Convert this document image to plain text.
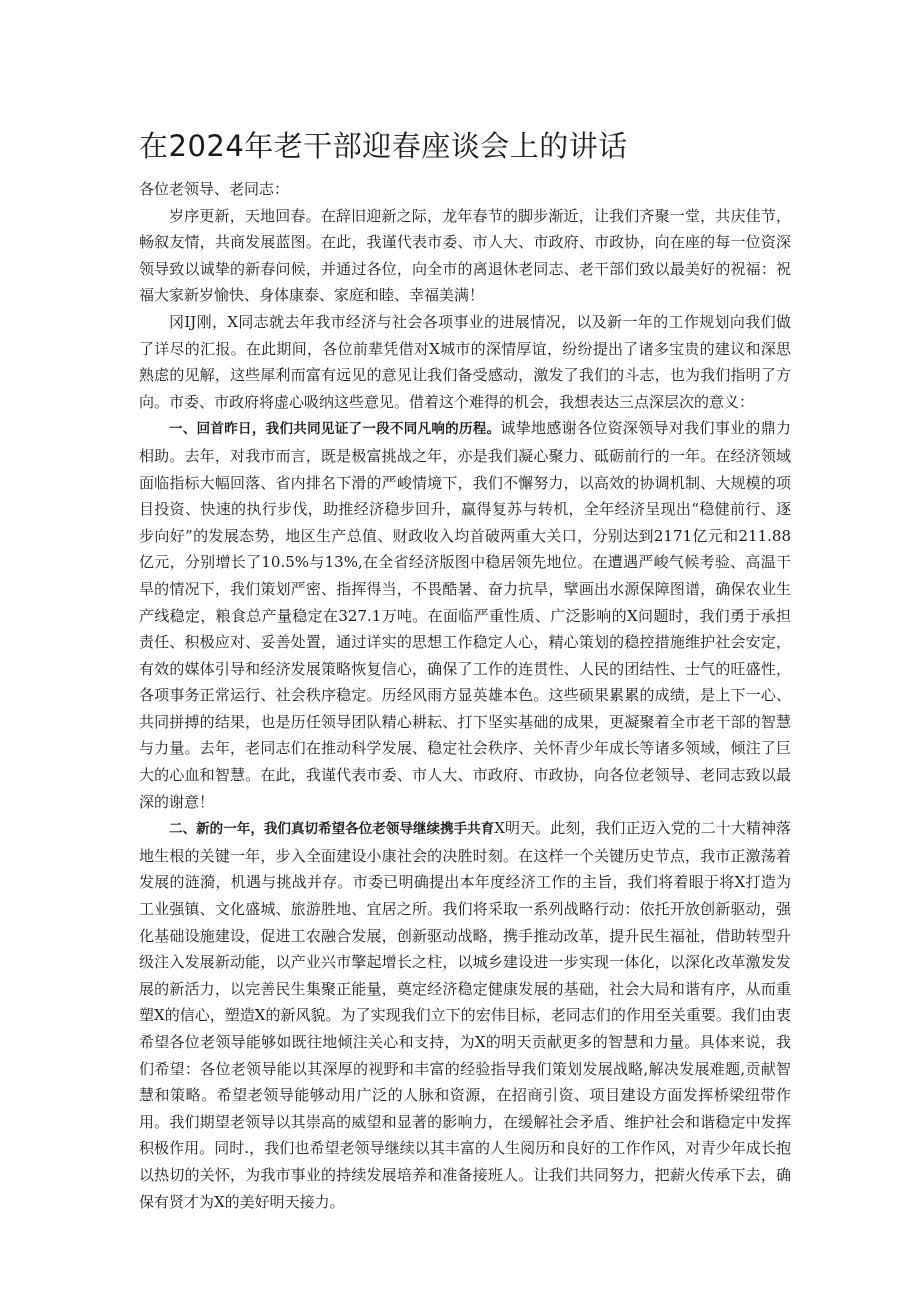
在2024年老干部迎春座谈会上的讲话

各位老领导、老同志：

岁序更新，天地回春。在辞旧迎新之际，龙年春节的脚步渐近，让我们齐聚一堂，共庆佳节，畅叙友情，共商发展蓝图。在此，我谨代表市委、市人大、市政府、市政协，向在座的每一位资深领导致以诚挚的新春问候，并通过各位，向全市的离退休老同志、老干部们致以最美好的祝福：祝福大家新岁愉快、身体康泰、家庭和睦、幸福美满！

冈IJ刚，X同志就去年我市经济与社会各项事业的进展情况，以及新一年的工作规划向我们做了详尽的汇报。在此期间，各位前辈凭借对X城市的深情厚谊，纷纷提出了诸多宝贵的建议和深思熟虑的见解，这些犀利而富有远见的意见让我们备受感动，激发了我们的斗志，也为我们指明了方向。市委、市政府将虚心吸纳这些意见。借着这个难得的机会，我想表达三点深层次的意义：

一、回首昨日，我们共同见证了一段不同凡响的历程。诚挚地感谢各位资深领导对我们事业的鼎力相助。去年，对我市而言，既是极富挑战之年，亦是我们凝心聚力、砥砺前行的一年。在经济领域面临指标大幅回落、省内排名下滑的严峻情境下，我们不懈努力，以高效的协调机制、大规模的项目投资、快速的执行步伐，助推经济稳步回升，赢得复苏与转机，全年经济呈现出“稳健前行、逐步向好”的发展态势，地区生产总值、财政收入均首破两重大关口，分别达到2171亿元和211.88亿元，分别增长了10.5%与13%,在全省经济版图中稳居领先地位。在遭遇严峻气候考验、高温干旱的情况下，我们策划严密、指挥得当，不畏酷暑、奋力抗旱，擘画出水源保障图谱，确保农业生产线稳定，粮食总产量稳定在327.1万吨。在面临严重性质、广泛影响的X问题时，我们勇于承担责任、积极应对、妥善处置，通过详实的思想工作稳定人心，精心策划的稳控措施维护社会安定，有效的媒体引导和经济发展策略恢复信心，确保了工作的连贯性、人民的团结性、士气的旺盛性，各项事务正常运行、社会秩序稳定。历经风雨方显英雄本色。这些硕果累累的成绩，是上下一心、共同拼搏的结果，也是历任领导团队精心耕耘、打下坚实基础的成果，更凝聚着全市老干部的智慧与力量。去年，老同志们在推动科学发展、稳定社会秩序、关怀青少年成长等诸多领域，倾注了巨大的心血和智慧。在此，我谨代表市委、市人大、市政府、市政协，向各位老领导、老同志致以最深的谢意！

二、新的一年，我们真切希望各位老领导继续携手共育X明天。此刻，我们正迈入党的二十大精神落地生根的关键一年，步入全面建设小康社会的决胜时刻。在这样一个关键历史节点，我市正激荡着发展的涟漪，机遇与挑战并存。市委已明确提出本年度经济工作的主旨，我们将着眼于将X打造为工业强镇、文化盛城、旅游胜地、宜居之所。我们将采取一系列战略行动：依托开放创新驱动，强化基础设施建设，促进工农融合发展，创新驱动战略，携手推动改革，提升民生福祉，借助转型升级注入发展新动能，以产业兴市擎起增长之柱，以城乡建设进一步实现一体化，以深化改革激发发展的新活力，以完善民生集聚正能量，奠定经济稳定健康发展的基础，社会大局和谐有序，从而重塑X的信心，塑造X的新风貌。为了实现我们立下的宏伟目标，老同志们的作用至关重要。我们由衷希望各位老领导能够如既往地倾注关心和支持，为X的明天贡献更多的智慧和力量。具体来说，我们希望：各位老领导能以其深厚的视野和丰富的经验指导我们策划发展战略,解决发展难题,贡献智慧和策略。希望老领导能够动用广泛的人脉和资源，在招商引资、项目建设方面发挥桥梁纽带作用。我们期望老领导以其崇高的威望和显著的影响力，在缓解社会矛盾、维护社会和谐稳定中发挥积极作用。同时.，我们也希望老领导继续以其丰富的人生阅历和良好的工作作风，对青少年成长抱以热切的关怀，为我市事业的持续发展培养和准备接班人。让我们共同努力，把薪火传承下去，确保有贤才为X的美好明天接力。
